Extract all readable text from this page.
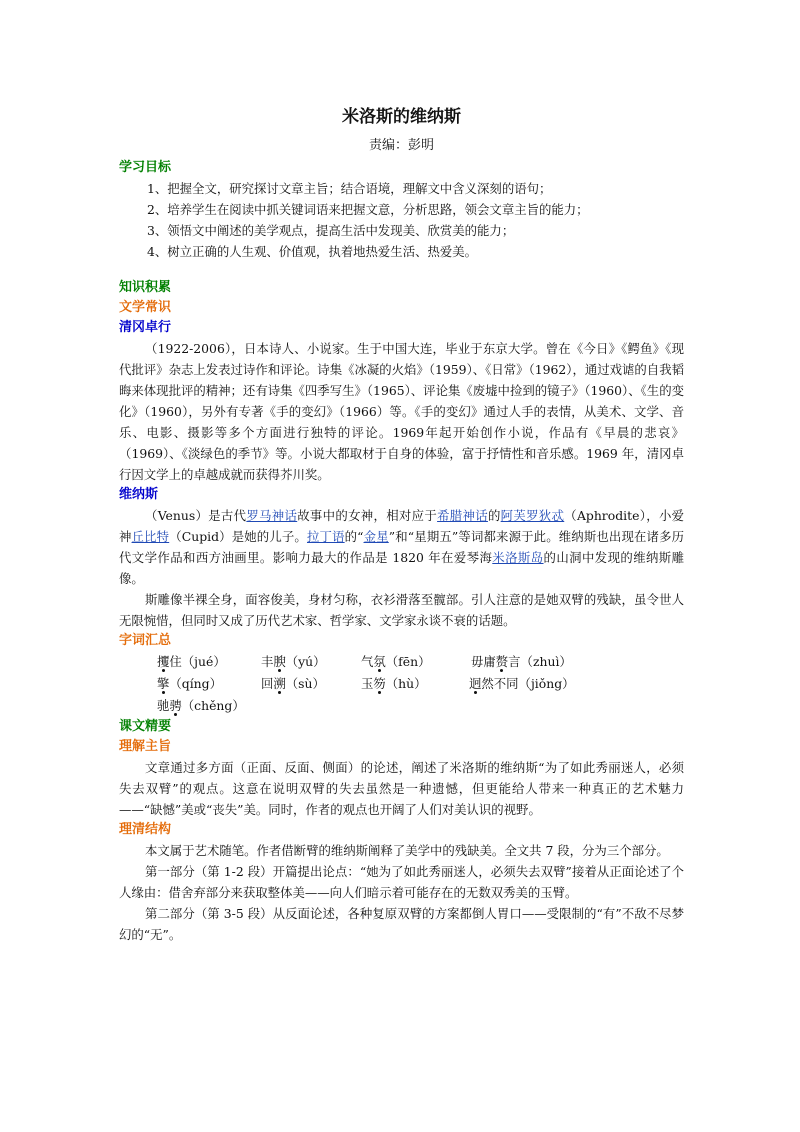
米洛斯的维纳斯
责编：彭明
学习目标

1、把握全文，研究探讨文章主旨；结合语境，理解文中含义深刻的语句；

2、培养学生在阅读中抓关键词语来把握文意，分析思路，领会文章主旨的能力；

3、领悟文中阐述的美学观点，提高生活中发现美、欣赏美的能力；

4、树立正确的人生观、价值观，执着地热爱生活、热爱美。

知识积累
文学常识
清冈卓行

（1922-2006），日本诗人、小说家。生于中国大连，毕业于东京大学。曾在《今日》《鳄鱼》《现代批评》杂志上发表过诗作和评论。诗集《冰凝的火焰》（1959）、《日常》（1962），通过戏谑的自我韬晦来体现批评的精神；还有诗集《四季写生》（1965）、评论集《废墟中捡到的镜子》（1960）、《生的变化》（1960），另外有专著《手的变幻》（1966）等。《手的变幻》通过人手的表情，从美术、文学、音乐、电影、摄影等多个方面进行独特的评论。1969年起开始创作小说，作品有《早晨的悲哀》（1969）、《淡绿色的季节》等。小说大都取材于自身的体验，富于抒情性和音乐感。1969 年，清冈卓行因文学上的卓越成就而获得芥川奖。

维纳斯

（Venus）是古代罗马神话故事中的女神，相对应于希腊神话的阿芙罗狄忒（Aphrodite），小爱神丘比特（Cupid）是她的儿子。拉丁语的“金星”和“星期五”等词都来源于此。维纳斯也出现在诸多历代文学作品和西方油画里。影响力最大的作品是 1820 年在爱琴海米洛斯岛的山洞中发现的维纳斯雕像。

斯雕像半裸全身，面容俊美，身材匀称，衣衫滑落至髋部。引人注意的是她双臂的残缺，虽令世人无限惋惜，但同时又成了历代艺术家、哲学家、文学家永谈不衰的话题。

字词汇总
攫住（jué）	丰腴（yú）	气氛（fēn）	毋庸赘言（zhuì）
擎（qíng）	回溯（sù）	玉笏（hù）	迥然不同（jiǒng）
驰骋（chěng）
课文精要
理解主旨

文章通过多方面（正面、反面、侧面）的论述，阐述了米洛斯的维纳斯“为了如此秀丽迷人，必须失去双臂”的观点。这意在说明双臂的失去虽然是一种遗憾，但更能给人带来一种真正的艺术魅力——“缺憾”美或“丧失”美。同时，作者的观点也开阔了人们对美认识的视野。

理清结构

本文属于艺术随笔。作者借断臂的维纳斯阐释了美学中的残缺美。全文共 7 段，分为三个部分。

第一部分（第 1-2 段）开篇提出论点：“她为了如此秀丽迷人，必须失去双臂”接着从正面论述了个人缘由：借舍弃部分来获取整体美——向人们暗示着可能存在的无数双秀美的玉臂。

第二部分（第 3-5 段）从反面论述，各种复原双臂的方案都倒人胃口——受限制的“有”不敌不尽梦幻的“无”。
